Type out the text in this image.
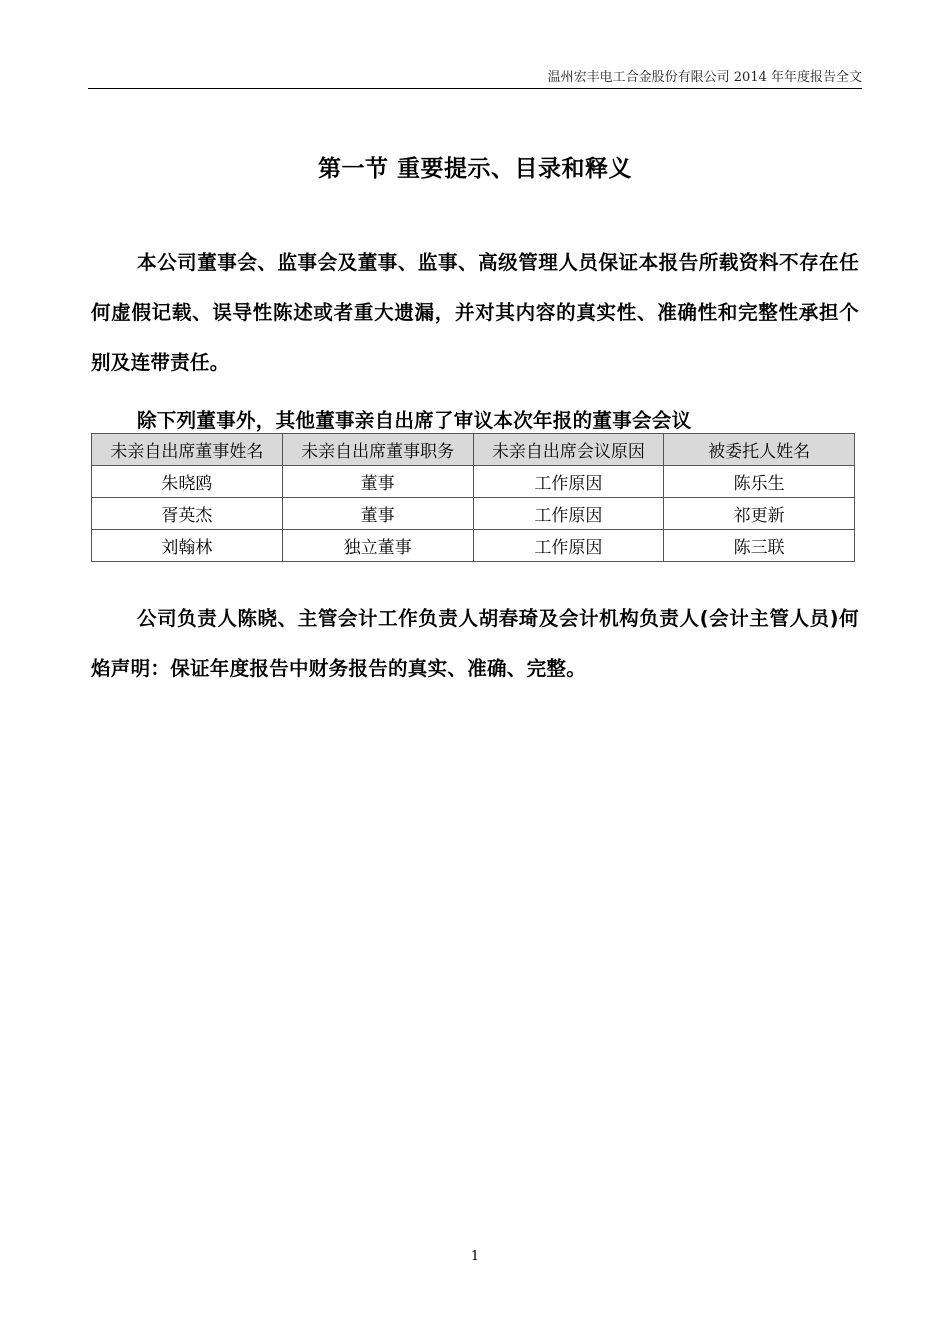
温州宏丰电工合金股份有限公司 2014 年年度报告全文
第一节 重要提示、目录和释义

本公司董事会、监事会及董事、监事、高级管理人员保证本报告所载资料不存在任何虚假记载、误导性陈述或者重大遗漏，并对其内容的真实性、准确性和完整性承担个别及连带责任。

除下列董事外，其他董事亲自出席了审议本次年报的董事会会议

未亲自出席董事姓名	未亲自出席董事职务	未亲自出席会议原因	被委托人姓名
朱晓鸥	董事	工作原因	陈乐生
胥英杰	董事	工作原因	祁更新
刘翰林	独立董事	工作原因	陈三联

公司负责人陈晓、主管会计工作负责人胡春琦及会计机构负责人(会计主管人员)何焰声明：保证年度报告中财务报告的真实、准确、完整。

1
